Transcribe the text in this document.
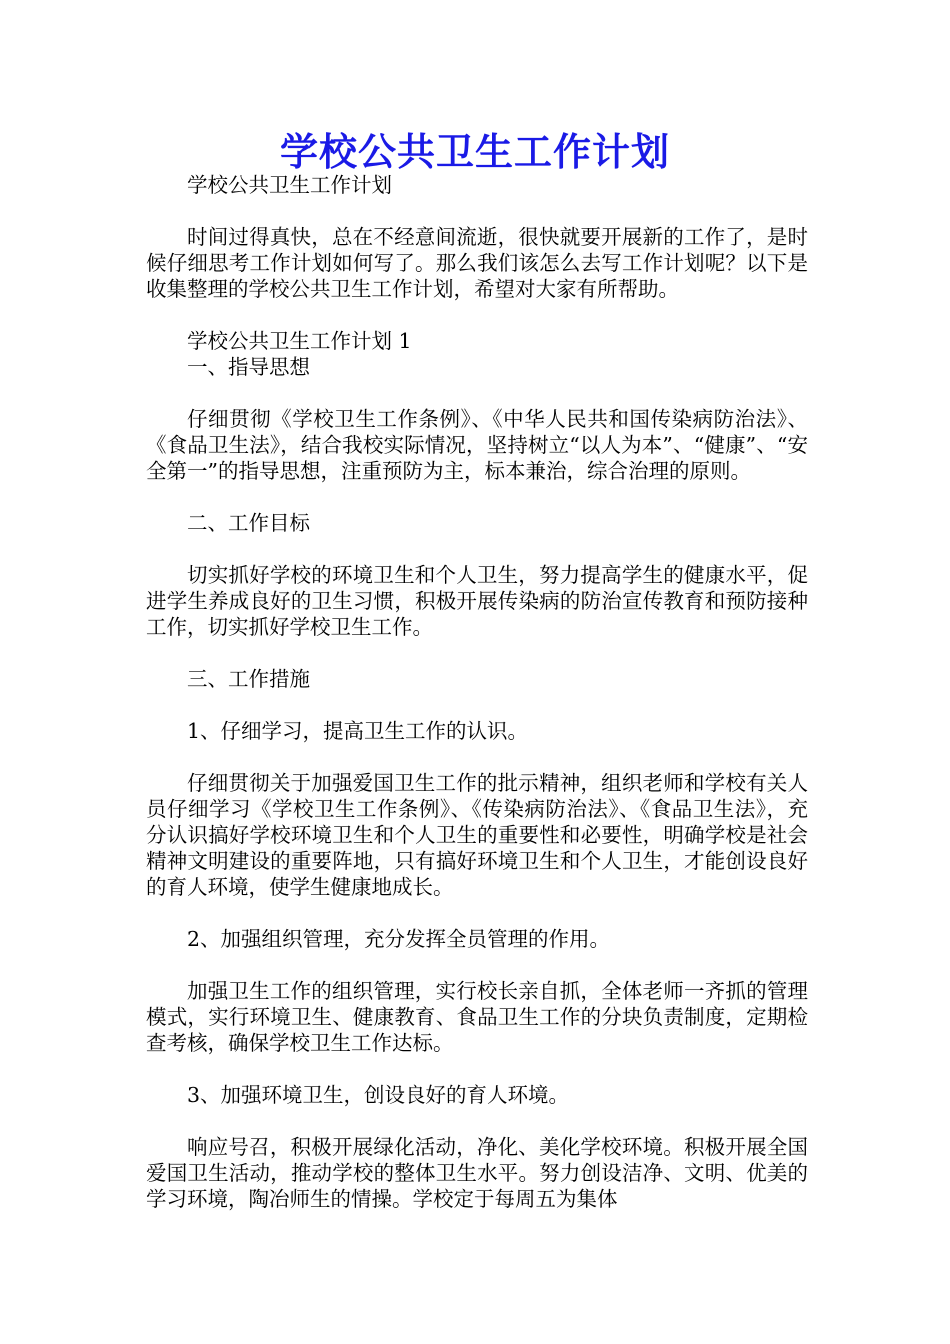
学校公共卫生工作计划

学校公共卫生工作计划

时间过得真快，总在不经意间流逝，很快就要开展新的工作了，是时候仔细思考工作计划如何写了。那么我们该怎么去写工作计划呢？以下是收集整理的学校公共卫生工作计划，希望对大家有所帮助。

学校公共卫生工作计划 1

一、指导思想

仔细贯彻《学校卫生工作条例》、《中华人民共和国传染病防治法》、《食品卫生法》，结合我校实际情况，坚持树立“以人为本”、“健康”、“安全第一”的指导思想，注重预防为主，标本兼治，综合治理的原则。

二、工作目标

切实抓好学校的环境卫生和个人卫生，努力提高学生的健康水平，促进学生养成良好的卫生习惯，积极开展传染病的防治宣传教育和预防接种工作，切实抓好学校卫生工作。

三、工作措施

1、仔细学习，提高卫生工作的认识。

仔细贯彻关于加强爱国卫生工作的批示精神，组织老师和学校有关人员仔细学习《学校卫生工作条例》、《传染病防治法》、《食品卫生法》，充分认识搞好学校环境卫生和个人卫生的重要性和必要性，明确学校是社会精神文明建设的重要阵地，只有搞好环境卫生和个人卫生，才能创设良好的育人环境，使学生健康地成长。

2、加强组织管理，充分发挥全员管理的作用。

加强卫生工作的组织管理，实行校长亲自抓，全体老师一齐抓的管理模式，实行环境卫生、健康教育、食品卫生工作的分块负责制度，定期检查考核，确保学校卫生工作达标。

3、加强环境卫生，创设良好的育人环境。

响应号召，积极开展绿化活动，净化、美化学校环境。积极开展全国爱国卫生活动，推动学校的整体卫生水平。努力创设洁净、文明、优美的学习环境，陶冶师生的情操。学校定于每周五为集体
